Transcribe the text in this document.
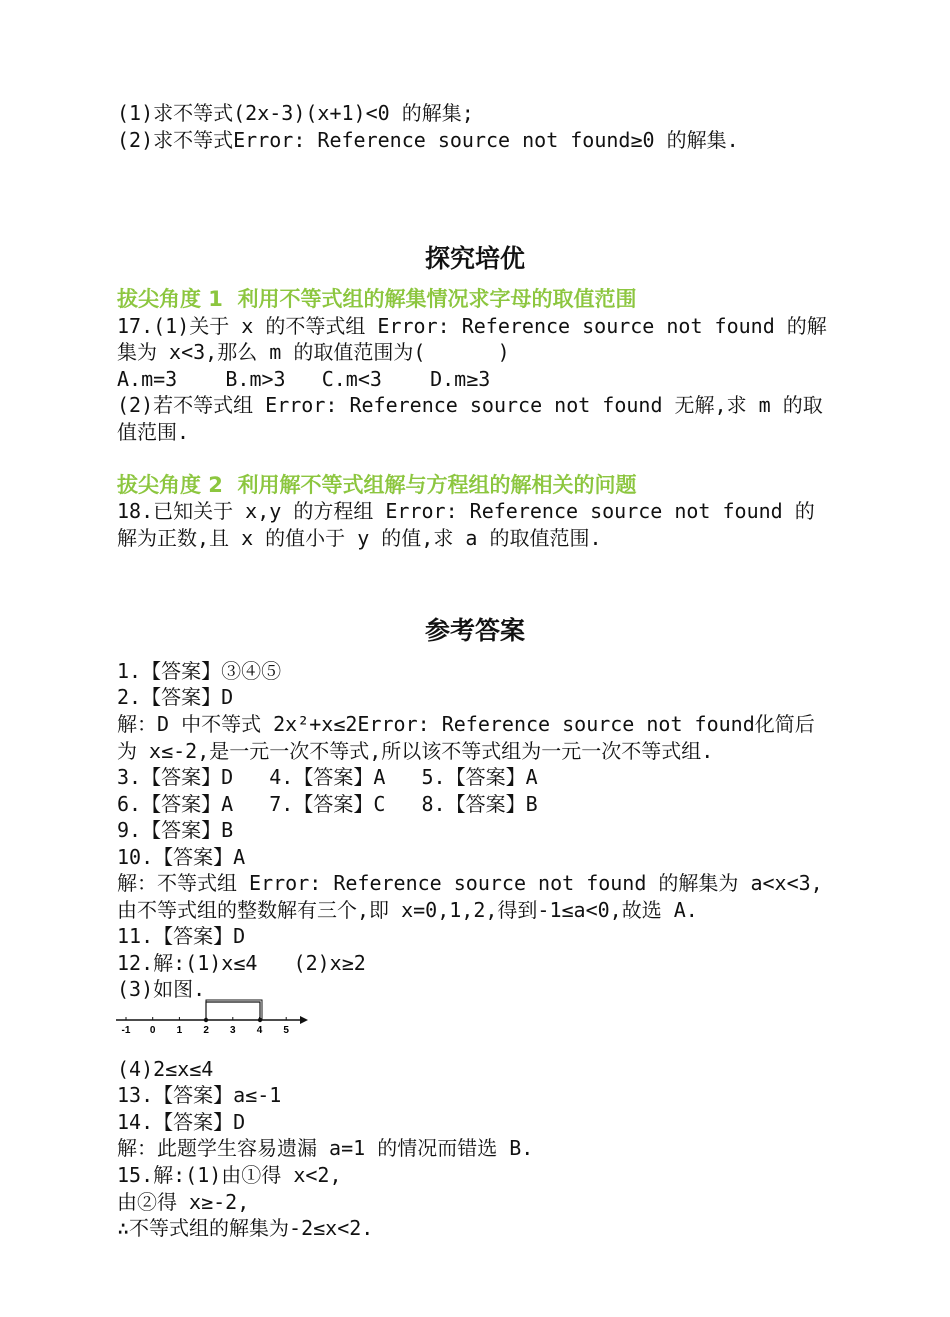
(1)求不等式(2x-3)(x+1)<0 的解集;
(2)求不等式Error: Reference source not found≥0 的解集.
探究培优
拔尖角度 1  利用不等式组的解集情况求字母的取值范围
17.(1)关于 x 的不等式组 Error: Reference source not found 的解
集为 x<3,那么 m 的取值范围为(      )
A.m=3    B.m>3   C.m<3    D.m≥3
(2)若不等式组 Error: Reference source not found 无解,求 m 的取
值范围.
拔尖角度 2  利用解不等式组解与方程组的解相关的问题
18.已知关于 x,y 的方程组 Error: Reference source not found 的
解为正数,且 x 的值小于 y 的值,求 a 的取值范围.
参考答案
1.【答案】③④⑤
2.【答案】D
解：D 中不等式 2x²+x≤2Error: Reference source not found化简后
为 x≤-2,是一元一次不等式,所以该不等式组为一元一次不等式组.
3.【答案】D   4.【答案】A   5.【答案】A
6.【答案】A   7.【答案】C   8.【答案】B
9.【答案】B
10.【答案】A
解：不等式组 Error: Reference source not found 的解集为 a<x<3,
由不等式组的整数解有三个,即 x=0,1,2,得到-1≤a<0,故选 A.
11.【答案】D
12.解:(1)x≤4   (2)x≥2
(3)如图.
-1 0 1 2 3 4 5
(4)2≤x≤4
13.【答案】a≤-1
14.【答案】D
解：此题学生容易遗漏 a=1 的情况而错选 B.
15.解:(1)由①得 x<2,
由②得 x≥-2,
∴不等式组的解集为-2≤x<2.
